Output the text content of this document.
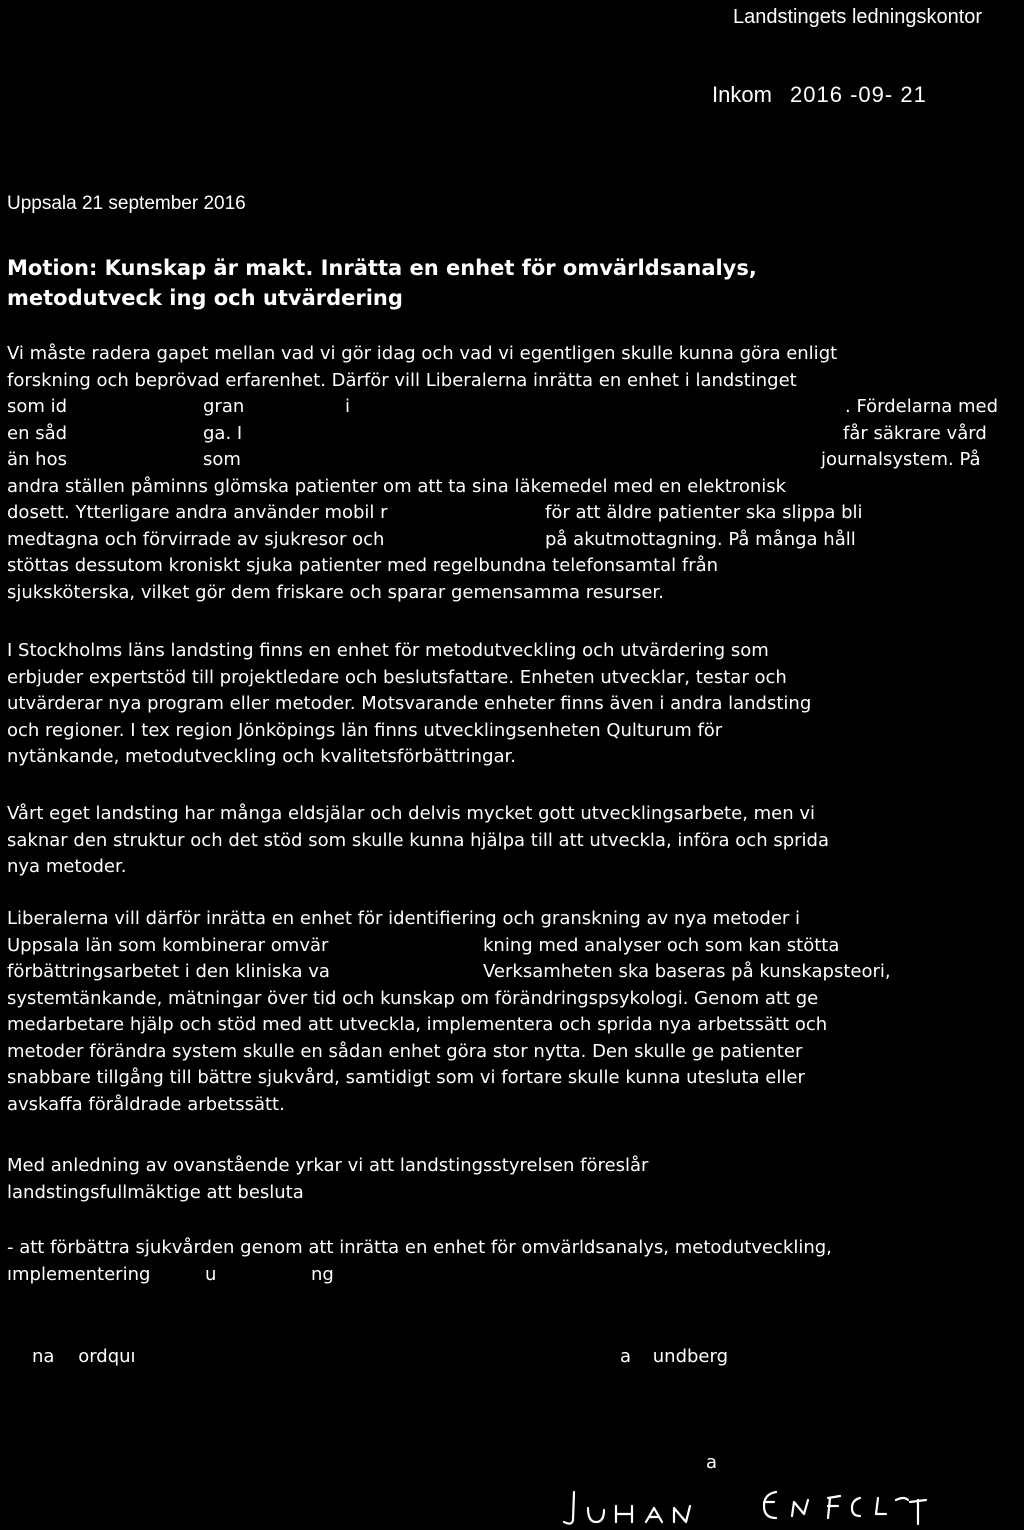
Landstingets ledningskontor
Inkom 2016 -09- 21
Uppsala 21 september 2016
Motion: Kunskap är makt. Inrätta en enhet för omvärldsanalys,
metodutveck ing och utvärdering
Vi måste radera gapet mellan vad vi gör idag och vad vi egentligen skulle kunna göra enligt
forskning och beprövad erfarenhet. Därför vill Liberalerna inrätta en enhet i landstinget
som id	gran	i	. Fördelarna med
en såd	ga. I	får säkrare vård
än hos	som	journalsystem. På
andra ställen påminns glömska patienter om att ta sina läkemedel med en elektronisk
dosett. Ytterligare andra använder mobil r	för att äldre patienter ska slippa bli
medtagna och förvirrade av sjukresor och	på akutmottagning. På många håll
stöttas dessutom kroniskt sjuka patienter med regelbundna telefonsamtal från
sjuksköterska, vilket gör dem friskare och sparar gemensamma resurser.
I Stockholms läns landsting finns en enhet för metodutveckling och utvärdering som
erbjuder expertstöd till projektledare och beslutsfattare. Enheten utvecklar, testar och
utvärderar nya program eller metoder. Motsvarande enheter finns även i andra landsting
och regioner. I tex region Jönköpings län finns utvecklingsenheten Qulturum för
nytänkande, metodutveckling och kvalitetsförbättringar.
Vårt eget landsting har många eldsjälar och delvis mycket gott utvecklingsarbete, men vi
saknar den struktur och det stöd som skulle kunna hjälpa till att utveckla, införa och sprida
nya metoder.
Liberalerna vill därför inrätta en enhet för identifiering och granskning av nya metoder i
Uppsala län som kombinerar omvär	kning med analyser och som kan stötta
förbättringsarbetet i den kliniska va	Verksamheten ska baseras på kunskapsteori,
systemtänkande, mätningar över tid och kunskap om förändringspsykologi. Genom att ge
medarbetare hjälp och stöd med att utveckla, implementera och sprida nya arbetssätt och
metoder förändra system skulle en sådan enhet göra stor nytta. Den skulle ge patienter
snabbare tillgång till bättre sjukvård, samtidigt som vi fortare skulle kunna utesluta eller
avskaffa föråldrade arbetssätt.
Med anledning av ovanstående yrkar vi att landstingsstyrelsen föreslår
landstingsfullmäktige att besluta
- att förbättra sjukvården genom att inrätta en enhet för omvärldsanalys, metodutveckling,
ımplementering	u	ng
na ordquı	a undberg
a
